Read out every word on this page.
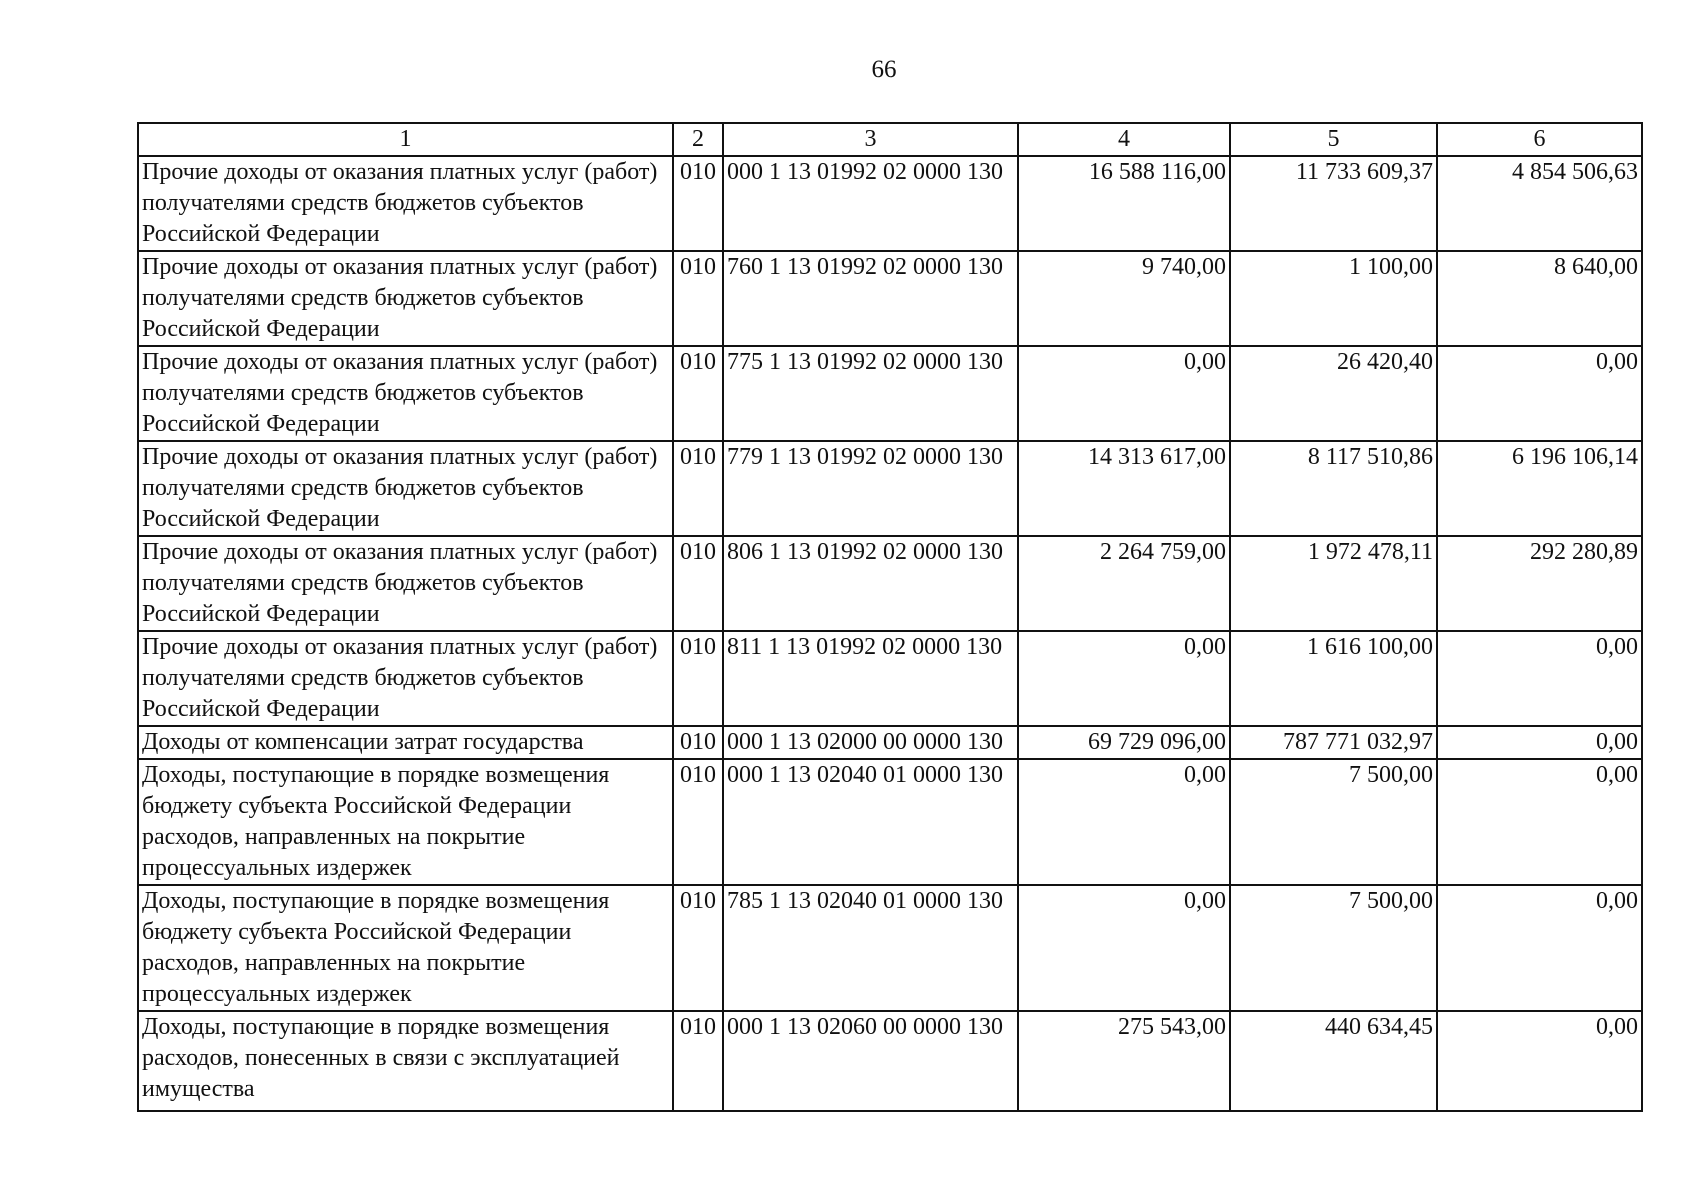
66
1	2	3	4	5	6
Прочие доходы от оказания платных услуг (работ) получателями средств бюджетов субъектов Российской Федерации	010	000 1 13 01992 02 0000 130	16 588 116,00	11 733 609,37	4 854 506,63
Прочие доходы от оказания платных услуг (работ) получателями средств бюджетов субъектов Российской Федерации	010	760 1 13 01992 02 0000 130	9 740,00	1 100,00	8 640,00
Прочие доходы от оказания платных услуг (работ) получателями средств бюджетов субъектов Российской Федерации	010	775 1 13 01992 02 0000 130	0,00	26 420,40	0,00
Прочие доходы от оказания платных услуг (работ) получателями средств бюджетов субъектов Российской Федерации	010	779 1 13 01992 02 0000 130	14 313 617,00	8 117 510,86	6 196 106,14
Прочие доходы от оказания платных услуг (работ) получателями средств бюджетов субъектов Российской Федерации	010	806 1 13 01992 02 0000 130	2 264 759,00	1 972 478,11	292 280,89
Прочие доходы от оказания платных услуг (работ) получателями средств бюджетов субъектов Российской Федерации	010	811 1 13 01992 02 0000 130	0,00	1 616 100,00	0,00
Доходы от компенсации затрат государства	010	000 1 13 02000 00 0000 130	69 729 096,00	787 771 032,97	0,00
Доходы, поступающие в порядке возмещения бюджету субъекта Российской Федерации расходов, направленных на покрытие процессуальных издержек	010	000 1 13 02040 01 0000 130	0,00	7 500,00	0,00
Доходы, поступающие в порядке возмещения бюджету субъекта Российской Федерации расходов, направленных на покрытие процессуальных издержек	010	785 1 13 02040 01 0000 130	0,00	7 500,00	0,00
Доходы, поступающие в порядке возмещения расходов, понесенных в связи с эксплуатацией имущества	010	000 1 13 02060 00 0000 130	275 543,00	440 634,45	0,00
